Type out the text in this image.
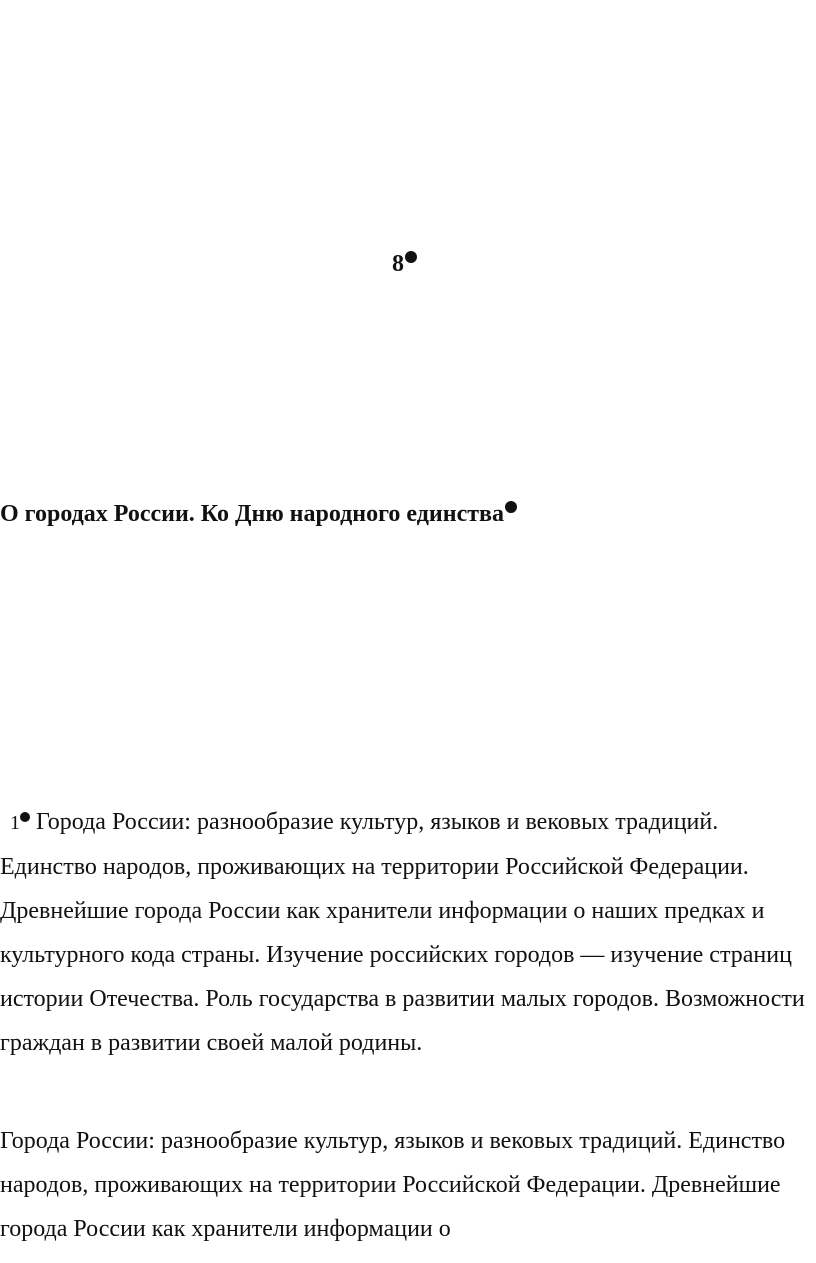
8
О городах России. Ко Дню народного единства

1 Города России: разнообразие культур, языков и вековых традиций. Единство народов, проживающих на территории Российской Федерации. Древнейшие города России как хранители информации о наших предках и культурного кода страны. Изучение российских городов — изучение страниц истории Отечества. Роль государства в развитии малых городов. Возможности граждан в развитии своей малой родины.

Города России: разнообразие культур, языков и вековых традиций. Единство народов, проживающих на территории Российской Федерации. Древнейшие города России как хранители информации о
